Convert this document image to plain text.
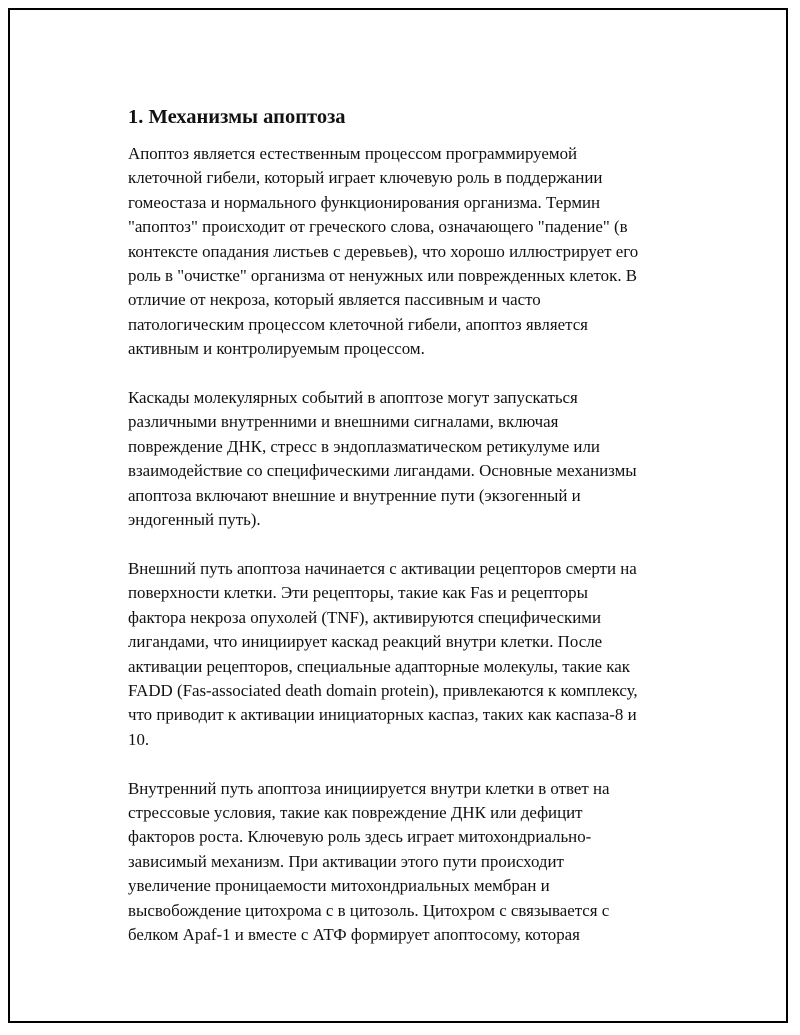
1. Механизмы апоптоза

Апоптоз является естественным процессом программируемой
клеточной гибели, который играет ключевую роль в поддержании
гомеостаза и нормального функционирования организма. Термин
"апоптоз" происходит от греческого слова, означающего "падение" (в
контексте опадания листьев с деревьев), что хорошо иллюстрирует его
роль в "очистке" организма от ненужных или поврежденных клеток. В
отличие от некроза, который является пассивным и часто
патологическим процессом клеточной гибели, апоптоз является
активным и контролируемым процессом.

Каскады молекулярных событий в апоптозе могут запускаться
различными внутренними и внешними сигналами, включая
повреждение ДНК, стресс в эндоплазматическом ретикулуме или
взаимодействие со специфическими лигандами. Основные механизмы
апоптоза включают внешние и внутренние пути (экзогенный и
эндогенный путь).

Внешний путь апоптоза начинается с активации рецепторов смерти на
поверхности клетки. Эти рецепторы, такие как Fas и рецепторы
фактора некроза опухолей (TNF), активируются специфическими
лигандами, что инициирует каскад реакций внутри клетки. После
активации рецепторов, специальные адапторные молекулы, такие как
FADD (Fas-associated death domain protein), привлекаются к комплексу,
что приводит к активации инициаторных каспаз, таких как каспаза-8 и
10.

Внутренний путь апоптоза инициируется внутри клетки в ответ на
стрессовые условия, такие как повреждение ДНК или дефицит
факторов роста. Ключевую роль здесь играет митохондриально-
зависимый механизм. При активации этого пути происходит
увеличение проницаемости митохондриальных мембран и
высвобождение цитохрома с в цитозоль. Цитохром с связывается с
белком Apaf-1 и вместе с АТФ формирует апоптосому, которая
